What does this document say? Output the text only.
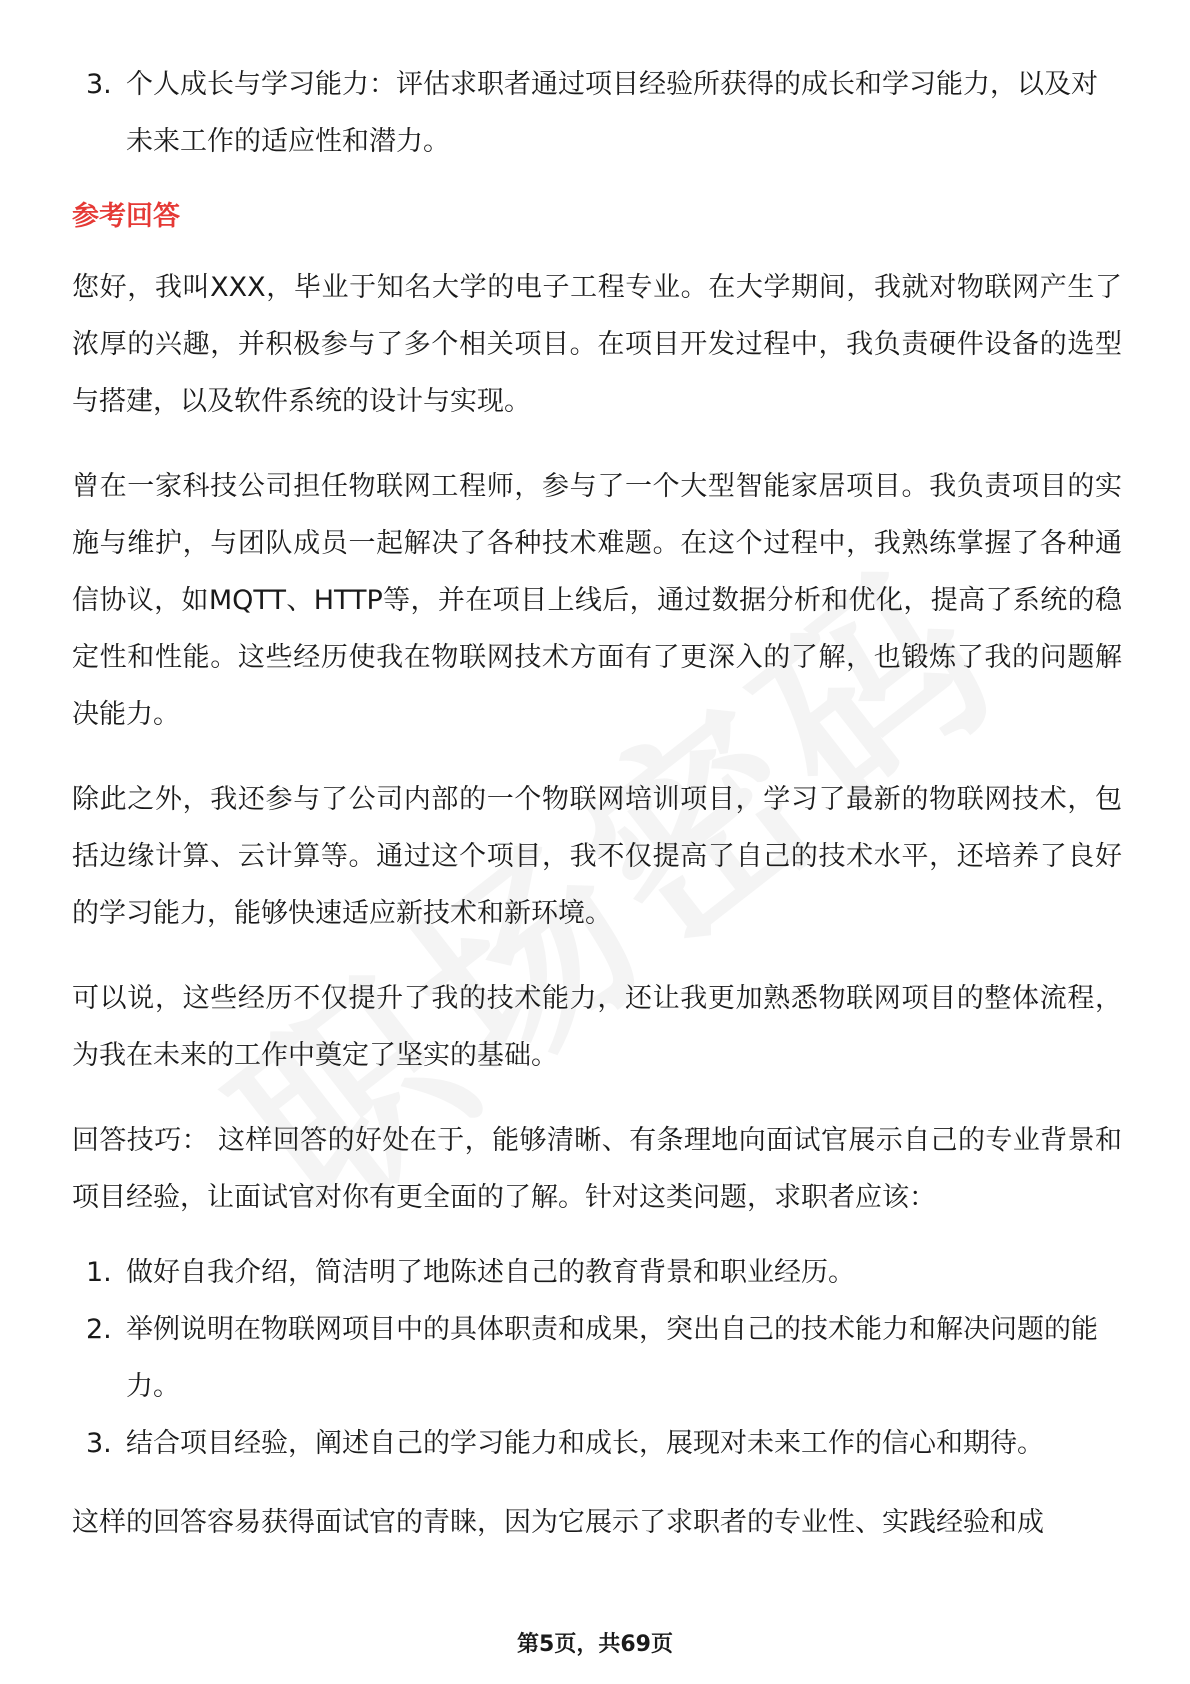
3. 个人成长与学习能力：评估求职者通过项目经验所获得的成长和学习能力，以及对未来工作的适应性和潜力。
参考回答

您好，我叫XXX，毕业于知名大学的电子工程专业。在大学期间，我就对物联网产生了浓厚的兴趣，并积极参与了多个相关项目。在项目开发过程中，我负责硬件设备的选型与搭建，以及软件系统的设计与实现。

曾在一家科技公司担任物联网工程师，参与了一个大型智能家居项目。我负责项目的实施与维护，与团队成员一起解决了各种技术难题。在这个过程中，我熟练掌握了各种通信协议，如MQTT、HTTP等，并在项目上线后，通过数据分析和优化，提高了系统的稳定性和性能。这些经历使我在物联网技术方面有了更深入的了解，也锻炼了我的问题解决能力。

除此之外，我还参与了公司内部的一个物联网培训项目，学习了最新的物联网技术，包括边缘计算、云计算等。通过这个项目，我不仅提高了自己的技术水平，还培养了良好的学习能力，能够快速适应新技术和新环境。

可以说，这些经历不仅提升了我的技术能力，还让我更加熟悉物联网项目的整体流程，为我在未来的工作中奠定了坚实的基础。

回答技巧： 这样回答的好处在于，能够清晰、有条理地向面试官展示自己的专业背景和项目经验，让面试官对你有更全面的了解。针对这类问题，求职者应该：

1. 做好自我介绍，简洁明了地陈述自己的教育背景和职业经历。
2. 举例说明在物联网项目中的具体职责和成果，突出自己的技术能力和解决问题的能力。
3. 结合项目经验，阐述自己的学习能力和成长，展现对未来工作的信心和期待。

这样的回答容易获得面试官的青睐，因为它展示了求职者的专业性、实践经验和成

第5页，共69页
